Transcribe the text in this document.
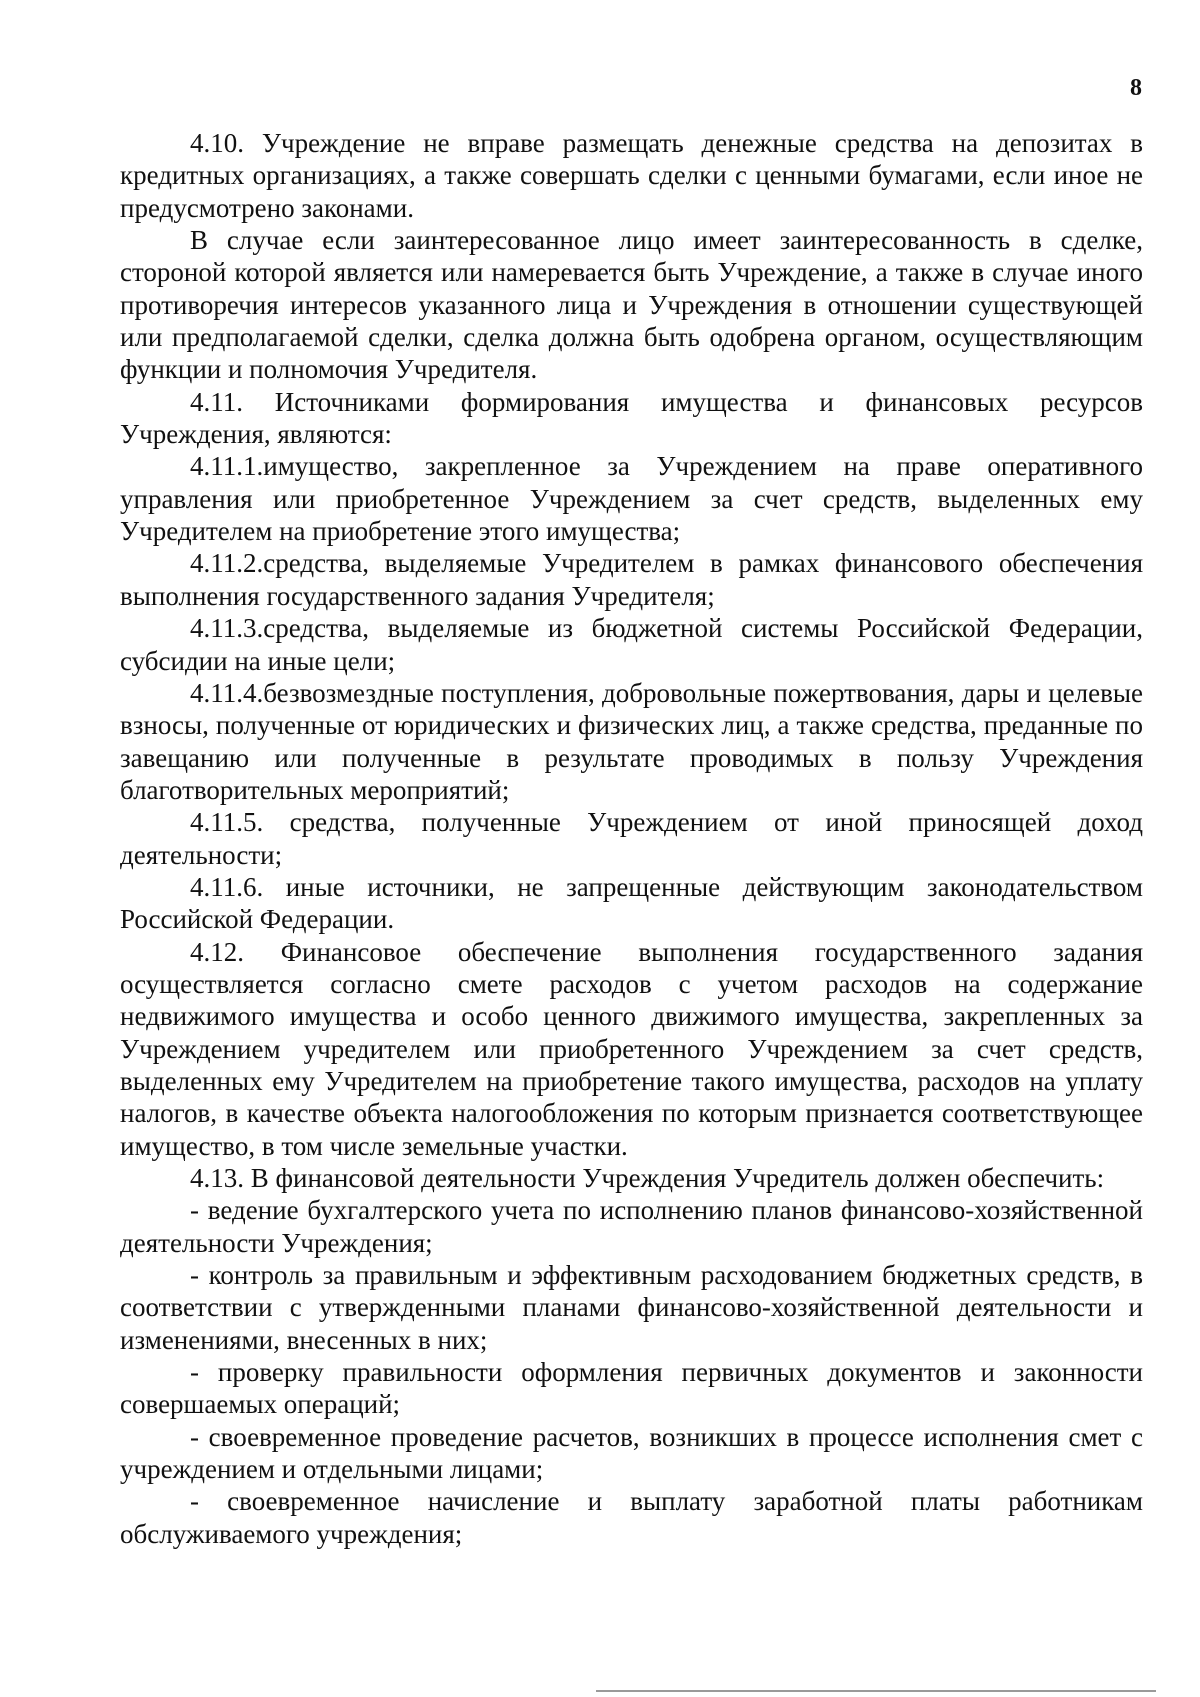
8

4.10. Учреждение не вправе размещать денежные средства на депозитах в кредитных организациях, а также совершать сделки с ценными бумагами, если иное не предусмотрено законами.

В случае если заинтересованное лицо имеет заинтересованность в сделке, стороной которой является или намеревается быть Учреждение, а также в случае иного противоречия интересов указанного лица и Учреждения в отношении существующей или предполагаемой сделки, сделка должна быть одобрена органом, осуществляющим функции и полномочия Учредителя.

4.11. Источниками формирования имущества и финансовых ресурсов Учреждения, являются:

4.11.1.имущество, закрепленное за Учреждением на праве оперативного управления или приобретенное Учреждением за счет средств, выделенных ему Учредителем на приобретение этого имущества;

4.11.2.средства, выделяемые Учредителем в рамках финансового обеспечения выполнения государственного задания Учредителя;

4.11.3.средства, выделяемые из бюджетной системы Российской Федерации, субсидии на иные цели;

4.11.4.безвозмездные поступления, добровольные пожертвования, дары и целевые взносы, полученные от юридических и физических лиц, а также средства, преданные по завещанию или полученные в результате проводимых в пользу Учреждения благотворительных мероприятий;

4.11.5. средства, полученные Учреждением от иной приносящей доход деятельности;

4.11.6. иные источники, не запрещенные действующим законодательством Российской Федерации.

4.12. Финансовое обеспечение выполнения государственного задания осуществляется согласно смете расходов с учетом расходов на содержание недвижимого имущества и особо ценного движимого имущества, закрепленных за Учреждением учредителем или приобретенного Учреждением за счет средств, выделенных ему Учредителем на приобретение такого имущества, расходов на уплату налогов, в качестве объекта налогообложения по которым признается соответствующее имущество, в том числе земельные участки.

4.13. В финансовой деятельности Учреждения Учредитель должен обеспечить:

- ведение бухгалтерского учета по исполнению планов финансово-хозяйственной деятельности Учреждения;

- контроль за правильным и эффективным расходованием бюджетных средств, в соответствии с утвержденными планами финансово-хозяйственной деятельности и изменениями, внесенных в них;

- проверку правильности оформления первичных документов и законности совершаемых операций;

- своевременное проведение расчетов, возникших в процессе исполнения смет с учреждением и отдельными лицами;

- своевременное начисление и выплату заработной платы работникам обслуживаемого учреждения;
